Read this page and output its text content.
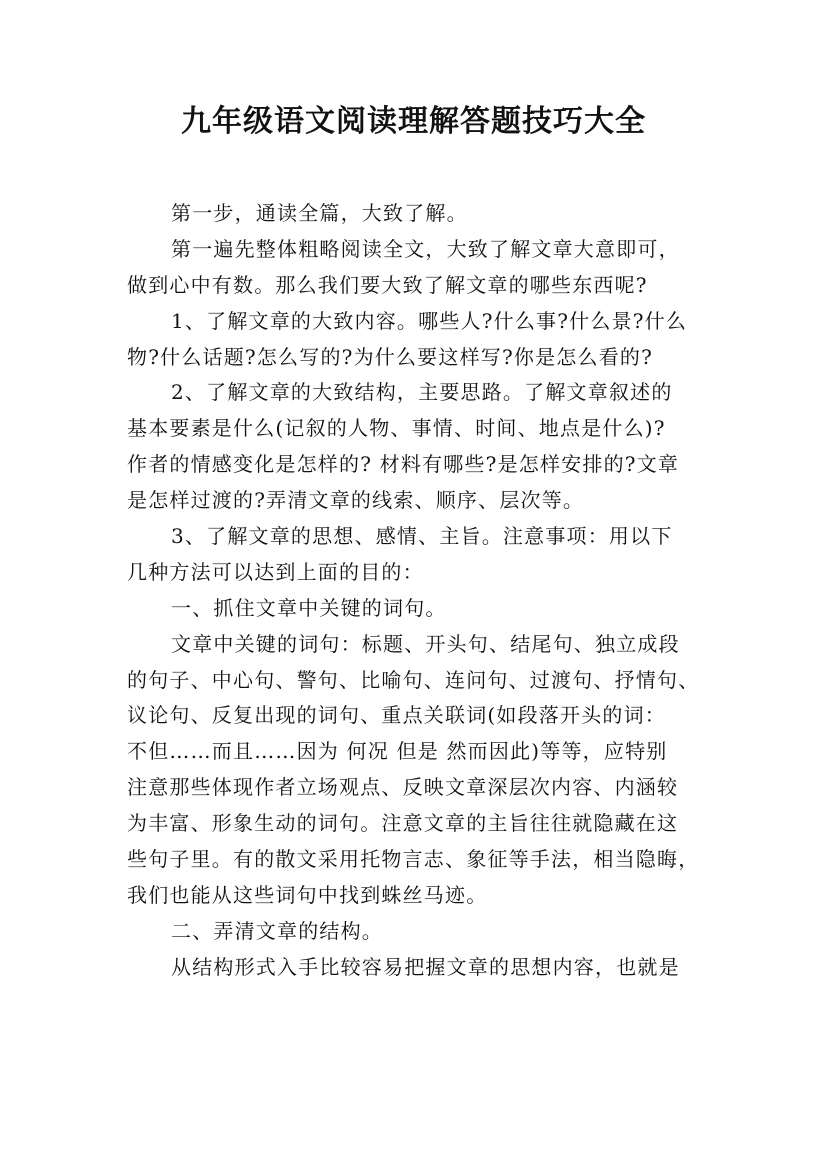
九年级语文阅读理解答题技巧大全
第一步，通读全篇，大致了解。
第一遍先整体粗略阅读全文，大致了解文章大意即可，
做到心中有数。那么我们要大致了解文章的哪些东西呢?
1、了解文章的大致内容。哪些人?什么事?什么景?什么
物?什么话题?怎么写的?为什么要这样写?你是怎么看的?
2、了解文章的大致结构，主要思路。了解文章叙述的
基本要素是什么(记叙的人物、事情、时间、地点是什么)?
作者的情感变化是怎样的? 材料有哪些?是怎样安排的?文章
是怎样过渡的?弄清文章的线索、顺序、层次等。
3、了解文章的思想、感情、主旨。注意事项：用以下
几种方法可以达到上面的目的：
一、抓住文章中关键的词句。
文章中关键的词句：标题、开头句、结尾句、独立成段
的句子、中心句、警句、比喻句、连问句、过渡句、抒情句、
议论句、反复出现的词句、重点关联词(如段落开头的词：
不但……而且……因为 何况 但是 然而因此)等等，应特别
注意那些体现作者立场观点、反映文章深层次内容、内涵较
为丰富、形象生动的词句。注意文章的主旨往往就隐藏在这
些句子里。有的散文采用托物言志、象征等手法，相当隐晦，
我们也能从这些词句中找到蛛丝马迹。
二、弄清文章的结构。
从结构形式入手比较容易把握文章的思想内容，也就是
